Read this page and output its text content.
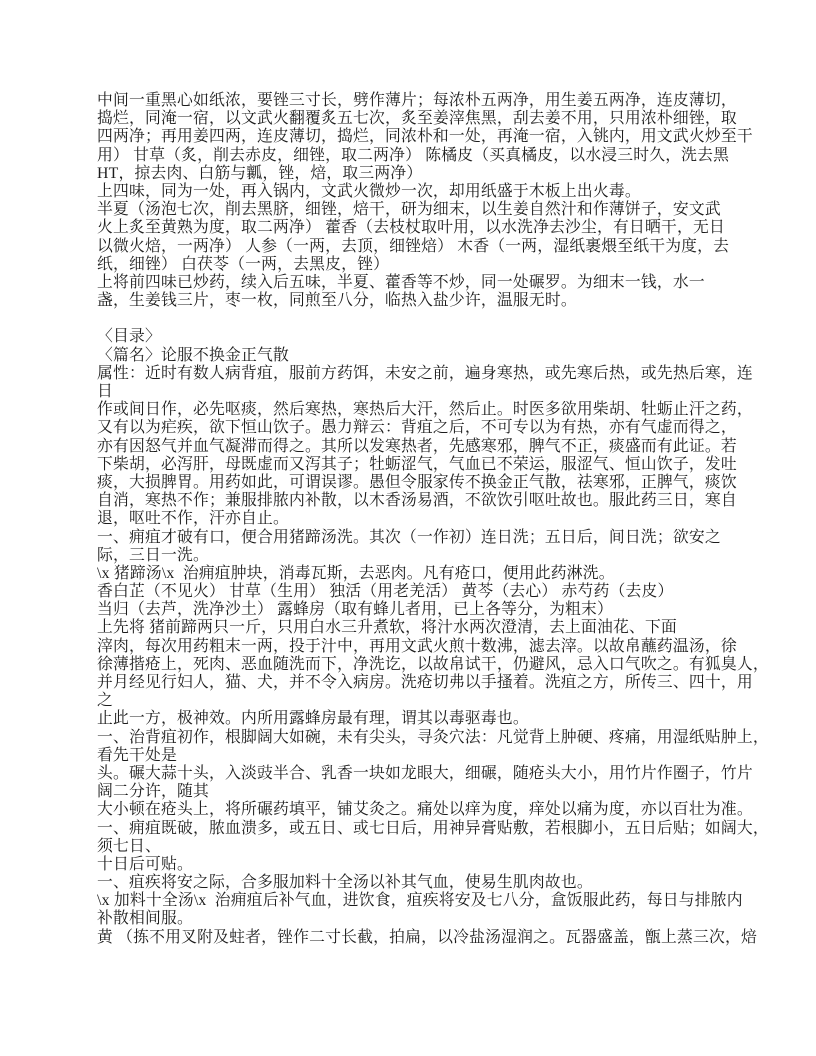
中间一重黑心如纸浓，要锉三寸长，劈作薄片；每浓朴五两净，用生姜五两净，连皮薄切，
捣烂，同淹一宿，以文武火翻覆炙五七次，炙至姜滓焦黑，刮去姜不用，只用浓朴细锉，取
四两净；再用姜四两，连皮薄切，捣烂，同浓朴和一处，再淹一宿，入铫内，用文武火炒至干
用） 甘草（炙，削去赤皮，细锉，取二两净） 陈橘皮（买真橘皮，以水浸三时久，洗去黑
HT，掠去肉、白筋与瓤，锉，焙，取三两净）
上四味，同为一处，再入锅内，文武火微炒一次，却用纸盛于木板上出火毒。
半夏（汤泡七次，削去黑脐，细锉，焙干，研为细末，以生姜自然汁和作薄饼子，安文武
火上炙至黄熟为度，取二两净） 藿香（去枝杖取叶用，以水洗净去沙尘，有日晒干，无日
以微火焙，一两净） 人参（一两，去顶，细锉焙） 木香（一两，湿纸裹煨至纸干为度，去
纸，细锉） 白茯苓（一两，去黑皮，锉）
上将前四味已炒药，续入后五味，半夏、藿香等不炒，同一处碾罗。为细末一钱，水一
盏，生姜钱三片，枣一枚，同煎至八分，临热入盐少许，温服无时。

〈目录〉
〈篇名〉论服不换金正气散
属性：近时有数人病背疽，服前方药饵，未安之前，遍身寒热，或先寒后热，或先热后寒，连
日
作或间日作，必先呕痰，然后寒热，寒热后大汗，然后止。时医多欲用柴胡、牡蛎止汗之药，
又有以为疟疾，欲下恒山饮子。愚力辩云：背疽之后，不可专以为有热，亦有气虚而得之，
亦有因怒气并血气凝滞而得之。其所以发寒热者，先感寒邪，脾气不正，痰盛而有此证。若
下柴胡，必泻肝，母既虚而又泻其子；牡蛎涩气，气血已不荣运，服涩气、恒山饮子，发吐
痰，大损脾胃。用药如此，可谓误谬。愚但令服家传不换金正气散，祛寒邪，正脾气，痰饮
自消，寒热不作；兼服排脓内补散，以木香汤易酒，不欲饮引呕吐故也。服此药三日，寒自
退，呕吐不作，汗亦自止。
一、痈疽才破有口，便合用猪蹄汤洗。其次（一作初）连日洗；五日后，间日洗；欲安之
际，三日一洗。
\x 猪蹄汤\x  治痈疽肿块，消毒瓦斯，去恶肉。凡有疮口，便用此药淋洗。
香白芷（不见火） 甘草（生用） 独活（用老羌活） 黄芩（去心） 赤芍药（去皮）
当归（去芦，洗净沙土） 露蜂房（取有蜂儿者用，已上各等分，为粗末）
上先将 猪前蹄两只一斤，只用白水三升煮软，将汁水两次澄清，去上面油花、下面
滓肉，每次用药粗末一两，投于汁中，再用文武火煎十数沸，滤去滓。以故帛蘸药温汤，徐
徐薄揩疮上，死肉、恶血随洗而下，净洗讫，以故帛试干，仍避风，忌入口气吹之。有狐臭人，
并月经见行妇人，猫、犬，并不令入病房。洗疮切弗以手搔着。洗疽之方，所传三、四十，用
之
止此一方，极神效。内所用露蜂房最有理，谓其以毒驱毒也。
一、治背疽初作，根脚阔大如碗，未有尖头，寻灸穴法：凡觉背上肿硬、疼痛，用湿纸贴肿上，
看先干处是
头。碾大蒜十头，入淡豉半合、乳香一块如龙眼大，细碾，随疮头大小，用竹片作圈子，竹片
阔二分许，随其
大小顿在疮头上，将所碾药填平，铺艾灸之。痛处以痒为度，痒处以痛为度，亦以百壮为准。
一、痈疽既破，脓血溃多，或五日、或七日后，用神异膏贴敷，若根脚小，五日后贴；如阔大，
须七日、
十日后可贴。
一、疽疾将安之际，合多服加料十全汤以补其气血，使易生肌肉故也。
\x 加料十全汤\x  治痈疽后补气血，进饮食，疽疾将安及七八分，盒饭服此药，每日与排脓内
补散相间服。
黄 （拣不用叉附及蛀者，锉作二寸长截，拍扁，以冷盐汤湿润之。瓦器盛盖，甑上蒸三次，焙
